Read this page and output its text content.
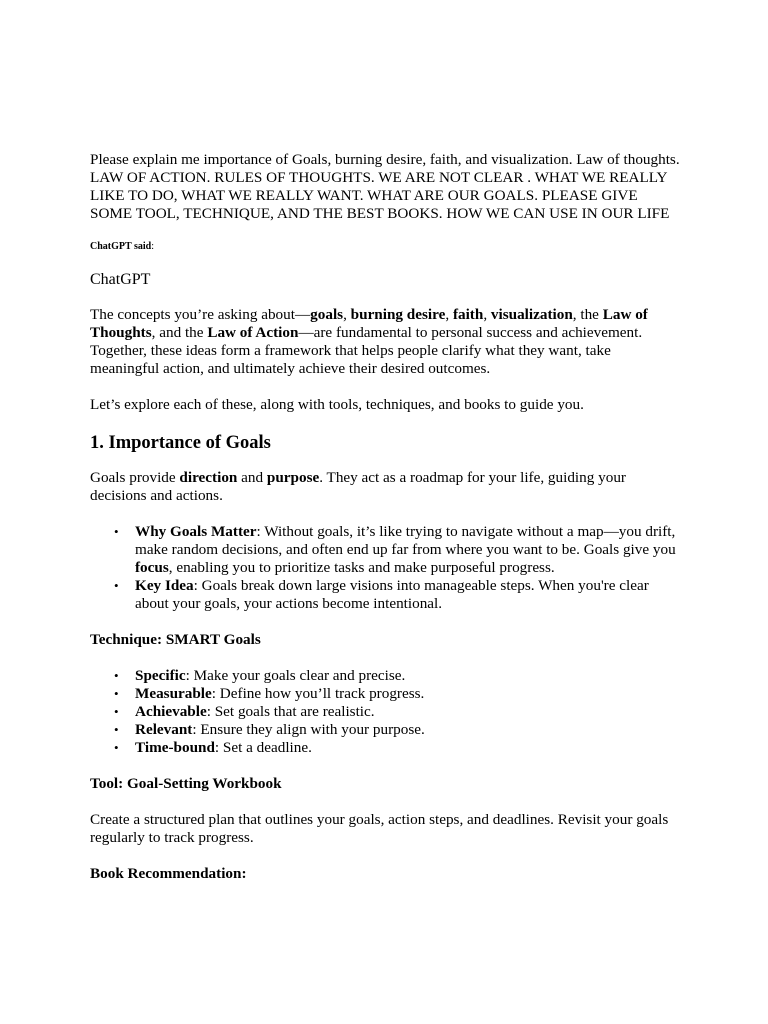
Please explain me importance of Goals, burning desire, faith, and visualization. Law of thoughts. LAW OF ACTION. RULES OF THOUGHTS. WE ARE NOT CLEAR . WHAT WE REALLY LIKE TO DO, WHAT WE REALLY WANT. WHAT ARE OUR GOALS. PLEASE GIVE SOME TOOL, TECHNIQUE, AND THE BEST BOOKS. HOW WE CAN USE IN OUR LIFE

ChatGPT said:

ChatGPT

The concepts you’re asking about—goals, burning desire, faith, visualization, the Law of Thoughts, and the Law of Action—are fundamental to personal success and achievement. Together, these ideas form a framework that helps people clarify what they want, take meaningful action, and ultimately achieve their desired outcomes.

Let’s explore each of these, along with tools, techniques, and books to guide you.

1. Importance of Goals

Goals provide direction and purpose. They act as a roadmap for your life, guiding your decisions and actions.

• Why Goals Matter: Without goals, it’s like trying to navigate without a map—you drift, make random decisions, and often end up far from where you want to be. Goals give you focus, enabling you to prioritize tasks and make purposeful progress.
• Key Idea: Goals break down large visions into manageable steps. When you're clear about your goals, your actions become intentional.
Technique: SMART Goals
• Specific: Make your goals clear and precise.
• Measurable: Define how you’ll track progress.
• Achievable: Set goals that are realistic.
• Relevant: Ensure they align with your purpose.
• Time-bound: Set a deadline.
Tool: Goal-Setting Workbook

Create a structured plan that outlines your goals, action steps, and deadlines. Revisit your goals regularly to track progress.

Book Recommendation:
